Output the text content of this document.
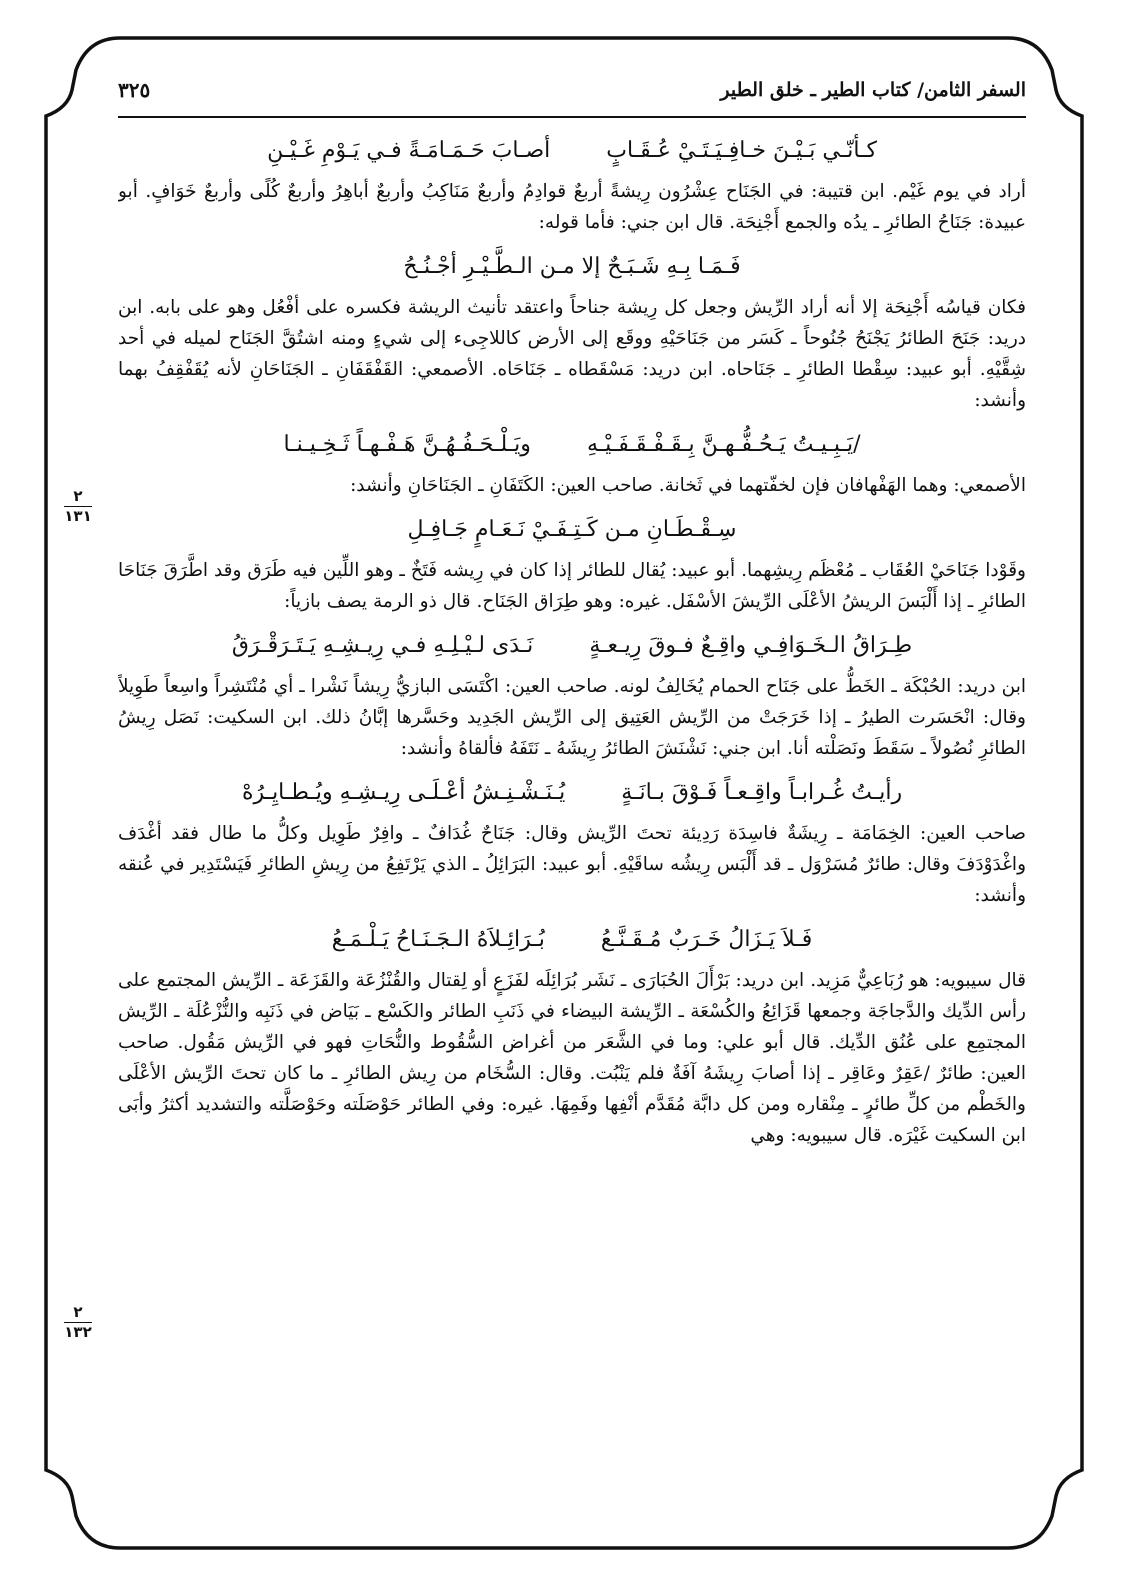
السفر الثامن/ كتاب الطير ـ خلق الطير
٣٢٥
٢
١٣١
٢
١٣٢
كـأنّـي بَـيْـنَ خـافِـيَـتَـيْ عُـقَـابٍ
أصـابَ حَـمَـامَـةً فـي يَـوْمِ غَـيْـنِ

أراد في يوم غَيْم. ابن قتيبة: في الجَنَاح عِشْرُون رِيشةً أربعٌ قوادِمُ وأربعٌ مَنَاكِبُ وأربعٌ أباهِرُ وأربعٌ كُلًى وأربعٌ خَوَافٍ. أبو عبيدة: جَنَاحُ الطائرِ ـ يدُه والجمع أَجْنِحَة. قال ابن جني: فأما قوله:

فَـمَـا بِـهِ شَـبَـحٌ إلا مـن الـطَّـيْـرِ أجْـنُـحُ

فكان قياسُه أَجْنِحَة إلا أنه أراد الرِّيش وجعل كل رِيشة جناحاً واعتقد تأنيث الريشة فكسره على أفْعُل وهو على بابه. ابن دريد: جَنَحَ الطائرُ يَجْنَحُ جُنُوحاً ـ كَسَر من جَنَاحَيْهِ ووقَع إلى الأرض كاللاجِىء إلى شيءٍ ومنه اشتُقَّ الجَنَاح لميله في أحد شِقَّيْهِ. أبو عبيد: سِقْطا الطائرِ ـ جَنَاحاه. ابن دريد: مَسْقَطاه ـ جَنَاحَاه. الأصمعي: القَفْقَفَانِ ـ الجَنَاحَانِ لأنه يُقَفْقِفُ بهما وأنشد:

/يَـبِـيـتُ يَـحُـفُّـهـنَّ بِـقَـفْـقَـفَـيْـهِ
ويَـلْـحَـفُـهُـنَّ هَـفْـهـاً ثَـخِـيـنـا

الأصمعي: وهما الهَفْهافان فإن لخفّتهما في ثَخانة. صاحب العين: الكَتَفَانِ ـ الجَنَاحَانِ وأنشد:

سِـقْـطَـانِ مـن كَـتِـفَـيْ نَـعَـامٍ جَـافِـلِ

وقَوْدا جَنَاحَيْ العُقَاب ـ مُعْظَم رِيشِهما. أبو عبيد: يُقال للطائر إذا كان في رِيشه فَتَخٌ ـ وهو اللِّين فيه طَرَق وقد اطَّرَقَ جَنَاحَا الطائرِ ـ إذا أَلْبَسَ الريشُ الأعْلَى الرِّيشَ الأسْفَل. غيره: وهو طِرَاق الجَنَاح. قال ذو الرمة يصف بازياً:

طِـرَاقُ الـخَـوَافِـي واقِـعٌ فـوقَ رِيـعـةٍ
نَـدَى لـيْـلِـهِ فـي رِيـشِـهِ يَـتَـرَقْـرَقُ

ابن دريد: الحُبْكَة ـ الخَطُّ على جَنَاح الحمام يُخَالِفُ لونه. صاحب العين: اكْتَسَى البازيُّ رِيشاً نَشْرا ـ أي مُنْتَشِراً واسِعاً طَوِيلاً وقال: انْحَسَرت الطيرُ ـ إذا خَرَجَتْ من الرِّيش العَتِيق إلى الرِّيش الجَدِيد وحَسَّرها إبَّانُ ذلك. ابن السكيت: نَصَل رِيشُ الطائرِ نُصُولاً ـ سَقَطَ ونَصَلْته أنا. ابن جني: نَشْنَشَ الطائرُ رِيشَهُ ـ نَتَفَهُ فألقاهُ وأنشد:

رأيـتُ غُـرابـاً واقِـعـاً فَـوْقَ بـانَـةٍ
يُـنَـشْـنِـشُ أعْـلَـى رِيـشِـهِ ويُـطـايِـرُهْ

صاحب العين: الخِمَامَة ـ رِيشَةٌ فاسِدَة رَدِيئة تحتَ الرِّيش وقال: جَنَاحٌ غُدَافٌ ـ وافِرٌ طَوِيل وكلُّ ما طال فقد أغْدَف واغْدَوْدَفَ وقال: طائرٌ مُسَرْوَل ـ قد أَلْبَس رِيشُه ساقَيْهِ. أبو عبيد: البَرَائِلُ ـ الذي يَرْتَفِعُ من رِيشِ الطائرِ فَيَسْتَدِير في عُنقه وأنشد:

فَـلاَ يَـزَالُ خَـرَبٌ مُـقَـنَّـعُ
بُـرَائِـلاَهُ الـجَـنَـاحُ يَـلْـمَـعُ

قال سيبويه: هو رُبَاعِيٌّ مَزِيد. ابن دريد: بَرْأَلَ الحُبَارَى ـ نَشَر بُرَائِلَه لفَزَعٍ أو لِقتال والقُنْزُعَة والقَزَعَة ـ الرِّيش المجتمع على رأس الدِّيك والدَّجاجَة وجمعها قَزَائِعُ والكُسْعَة ـ الرِّيشة البيضاء في ذَنَبِ الطائر والكَسْع ـ بَيَاض في ذَنَبِه والنُّزْعُلَة ـ الرِّيش المجتمِع على عُنُق الدِّيك. قال أبو علي: وما في الشَّعَر من أغراض السُّقُوط والنُّحَاتِ فهو في الرِّيش مَقُول. صاحب العين: طائرٌ /عَقِرٌ وعَاقِر ـ إذا أصابَ رِيشَهُ آفَةٌ فلم يَنْبُت. وقال: السُّخَام من رِيش الطائرِ ـ ما كان تحتَ الرِّيش الأعْلَى والخَطْم من كلِّ طائرٍ ـ مِنْقاره ومن كل دابَّة مُقَدَّم أنْفِها وفَمِهَا. غيره: وفي الطائر حَوْصَلَته وحَوْصَلَّته والتشديد أكثرُ وأبَى ابن السكيت غَيْرَه. قال سيبويه: وهي
